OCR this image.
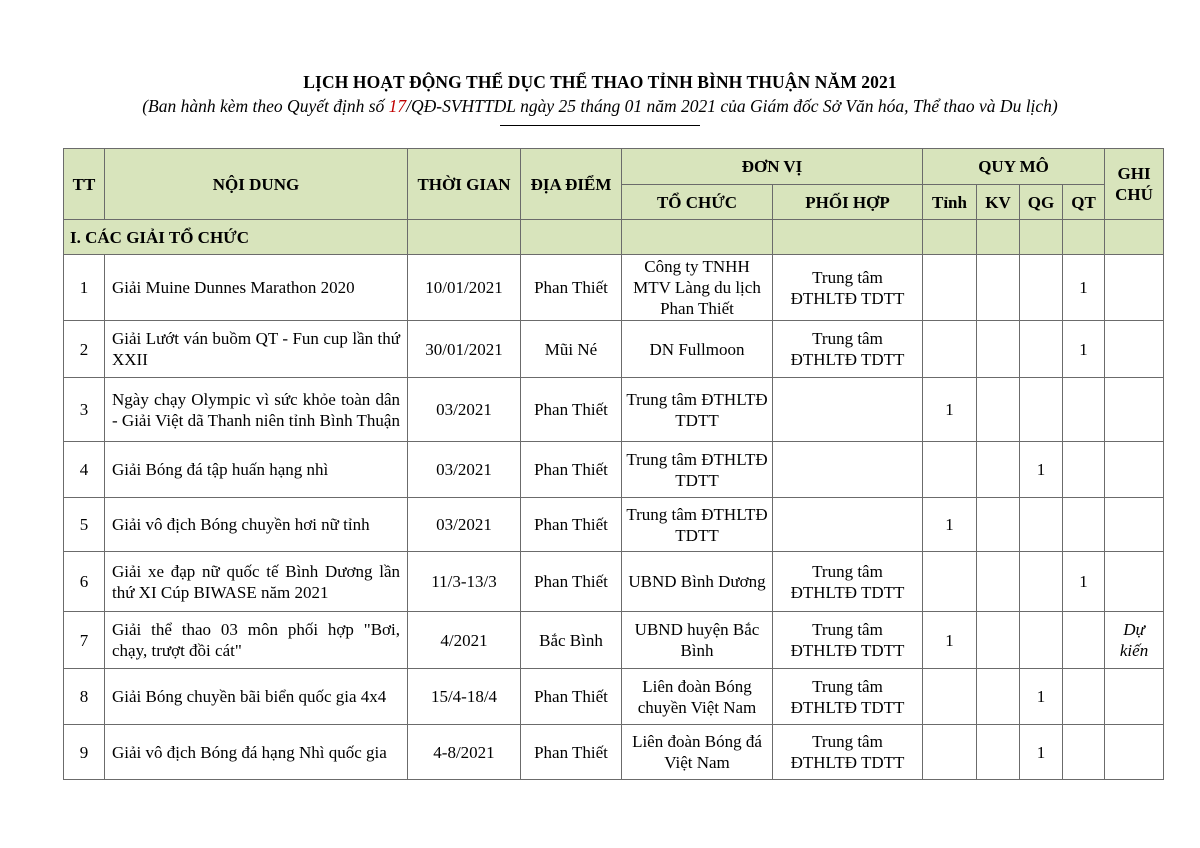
LỊCH HOẠT ĐỘNG THỂ DỤC THỂ THAO TỈNH BÌNH THUẬN NĂM 2021
(Ban hành kèm theo Quyết định số 17/QĐ-SVHTTDL ngày 25 tháng 01 năm 2021 của Giám đốc Sở Văn hóa, Thể thao và Du lịch)
TT	NỘI DUNG	THỜI GIAN	ĐỊA ĐIỂM	ĐƠN VỊ		QUY MÔ				GHI CHÚ
				TỔ CHỨC	PHỐI HỢP	Tỉnh	KV	QG	QT	
I. CÁC GIẢI TỔ CHỨC										
1	Giải Muine Dunnes Marathon 2020	10/01/2021	Phan Thiết	Công ty TNHH MTV Làng du lịch Phan Thiết	Trung tâm ĐTHLTĐ TDTT				1	
2	Giải Lướt ván buồm QT - Fun cup lần thứ XXII	30/01/2021	Mũi Né	DN Fullmoon	Trung tâm ĐTHLTĐ TDTT				1	
3	Ngày chạy Olympic vì sức khỏe toàn dân - Giải Việt dã Thanh niên tỉnh Bình Thuận	03/2021	Phan Thiết	Trung tâm ĐTHLTĐ TDTT		1				
4	Giải Bóng đá tập huấn hạng nhì	03/2021	Phan Thiết	Trung tâm ĐTHLTĐ TDTT				1		
5	Giải vô địch Bóng chuyền hơi nữ tỉnh	03/2021	Phan Thiết	Trung tâm ĐTHLTĐ TDTT		1				
6	Giải xe đạp nữ quốc tế Bình Dương lần thứ XI Cúp BIWASE năm 2021	11/3-13/3	Phan Thiết	UBND Bình Dương	Trung tâm ĐTHLTĐ TDTT				1	
7	Giải thể thao 03 môn phối hợp "Bơi, chạy, trượt đồi cát"	4/2021	Bắc Bình	UBND huyện Bắc Bình	Trung tâm ĐTHLTĐ TDTT	1				Dự kiến
8	Giải Bóng chuyền bãi biển quốc gia 4x4	15/4-18/4	Phan Thiết	Liên đoàn Bóng chuyền Việt Nam	Trung tâm ĐTHLTĐ TDTT			1		
9	Giải vô địch Bóng đá hạng Nhì quốc gia	4-8/2021	Phan Thiết	Liên đoàn Bóng đá Việt Nam	Trung tâm ĐTHLTĐ TDTT			1		
